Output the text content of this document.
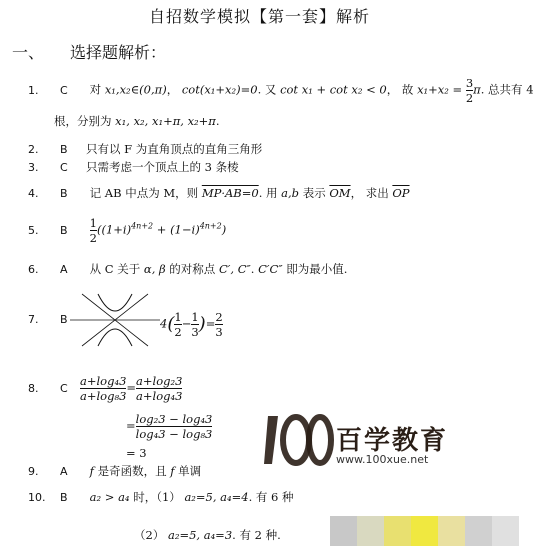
自招数学模拟【第一套】解析
一、 选择题解析：
1. C 对 x₁,x₂∈(0,π)， cot(x₁+x₂)=0. 又 cot x₁ + cot x₂ < 0， 故 $x_1+x_2 = \frac{3}{2} \pi$. 总共有 4
根，分别为 x₁, x₂, x₁+π, x₂+π.
2. B 只有以 F 为直角顶点的直角三角形
3. C 只需考虑一个顶点上的 3 条棱
4. B 记 AB 中点为 M，则 MP·AB=0. 用 a,b 表示 $\overline{OM}$， 求出 $\overline{OP}$
5. B $\frac{1}{2} ((1+i)^{4n+2} + (1-i)^{4n+2})$
6. A 从 C 关于 α, β 的对称点 C′, C″. C′C″ 即为最小值.
7. B	$4( \frac{1}{2} - \frac{1}{3}$ )= $\frac{2}{3}$
8. C	$\frac{\text{a+log₄3}}{\text{a+log₈3}} = \frac{\text{a+log₂3}}{\text{a+log₄3}}$
= $\frac{\text{log₂3 − log₄3}}{\text{log₄3 − log₈3}}$
= 3
9. A f 是奇函数，且 f 单调
10. B a₂ > a₄ 时，（1） a₂=5, a₄=4. 有 6 种
（2） a₂=5, a₄=3. 有 2 种.
百学教育
www.100xue.net
